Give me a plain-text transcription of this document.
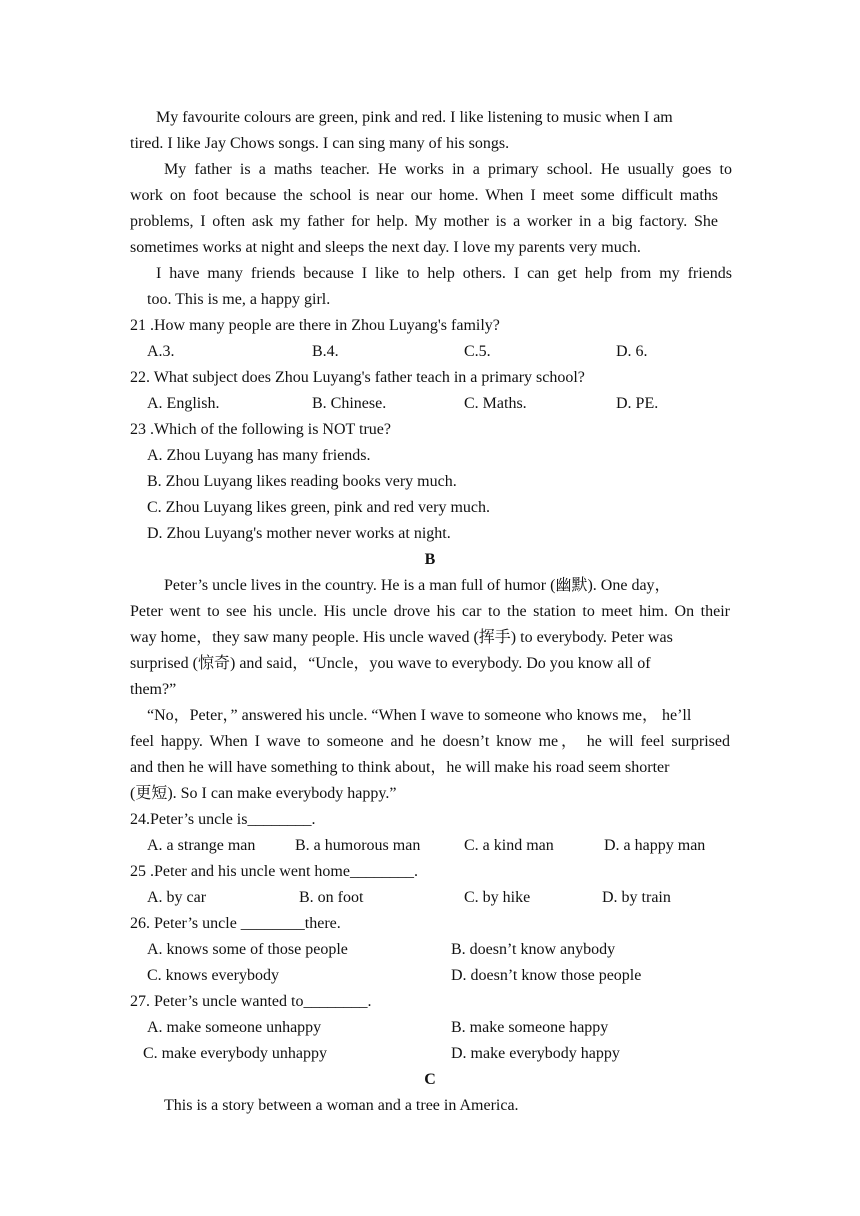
My favourite colours are green, pink and red. I like listening to music when I am
tired. I like Jay Chows songs. I can sing many of his songs.
My father is a maths teacher. He works in a primary school. He usually goes to
work on foot because the school is near our home. When I meet some difficult maths
problems, I often ask my father for help. My mother is a worker in a big factory. She
sometimes works at night and sleeps the next day. I love my parents very much.
I have many friends because I like to help others. I can get help from my friends
too. This is me, a happy girl.
21 .How many people are there in Zhou Luyang's family?
A.3.	B.4.	C.5.	D. 6.
22. What subject does Zhou Luyang's father teach in a primary school?
A. English.	B. Chinese.	C. Maths.	D. PE.
23 .Which of the following is NOT true?
A. Zhou Luyang has many friends.
B. Zhou Luyang likes reading books very much.
C. Zhou Luyang likes green, pink and red very much.
D. Zhou Luyang's mother never works at night.
B
Peter’s uncle lives in the country. He is a man full of humor (幽默). One day，
Peter went to see his uncle. His uncle drove his car to the station to meet him. On their
way home，they saw many people. His uncle waved (挥手) to everybody. Peter was
surprised (惊奇) and said，“Uncle，you wave to everybody. Do you know all of
them?”
“No，Peter，” answered his uncle. “When I wave to someone who knows me， he’ll
feel happy. When I wave to someone and he doesn’t know me， he will feel surprised
and then he will have something to think about，he will make his road seem shorter
(更短). So I can make everybody happy.”
24.Peter’s uncle is________.
A. a strange man B. a humorous man	C. a kind man	D. a happy man
25 .Peter and his uncle went home________.
A. by car	B. on foot	C. by hike	D. by train
26. Peter’s uncle ________there.
A. knows some of those people	B. doesn’t know anybody
C. knows everybody	D. doesn’t know those people
27. Peter’s uncle wanted to________.
A. make someone unhappy	B. make someone happy
C. make everybody unhappy	D. make everybody happy
C
This is a story between a woman and a tree in America.
